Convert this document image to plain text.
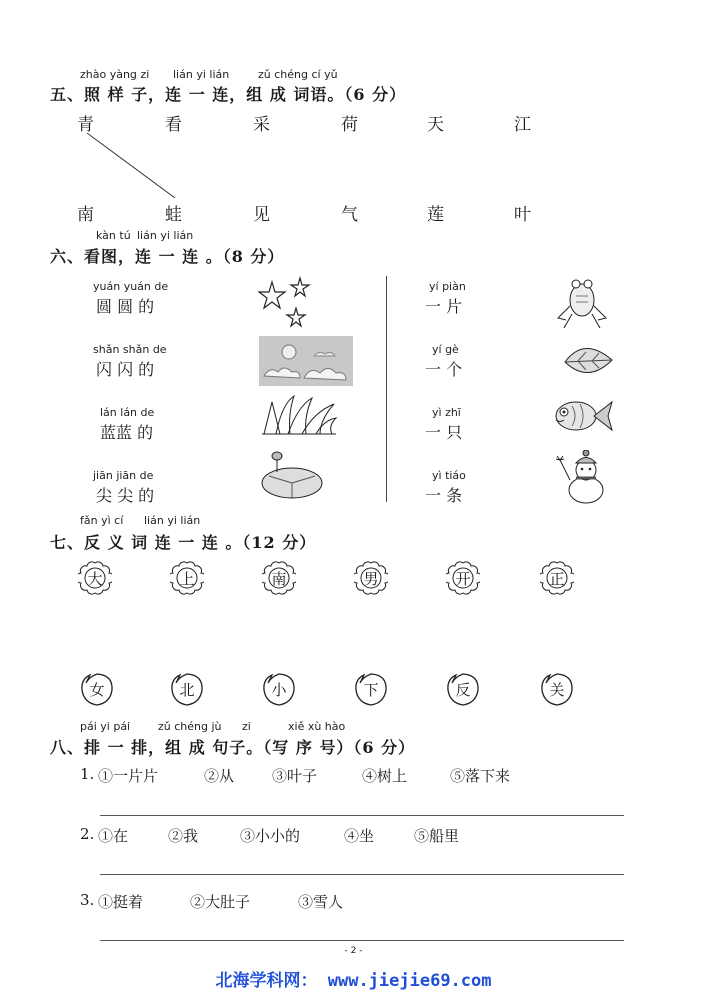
zhào yàng zi lián yi lián	zǔ chéng cí yǔ
五、照 样 子，连 一 连，组 成 词语。（6 分）
青	看	采	荷	天	江
南	蛙	见	气	莲	叶
kàn tú lián yi lián
六、看图，连 一 连 。（8 分）
yuán yuán de
圆 圆 的
shǎn shǎn de
闪 闪 的
lán lán de
蓝蓝 的
jiān jiān de
尖 尖 的
yí piàn
一 片
yí gè
一 个
yì zhī
一 只
yì tiáo
一 条
fǎn yì cí lián yi lián
七、反 义 词 连 一 连 。（12 分）
大	上	南	男	开	正
女	北	小	下	反	关
pái yi pái	zǔ chéng jù zi	xiě xù hào
八、排 一 排，组 成 句子。（写 序 号）（6 分）
1. ①一片片	②从	③叶子	④树上	⑤落下来
2. ①在	②我	③小小的	④坐	⑤船里
3. ①挺着	②大肚子	③雪人
- 2 -
北海学科网： www.jiejie69.com
